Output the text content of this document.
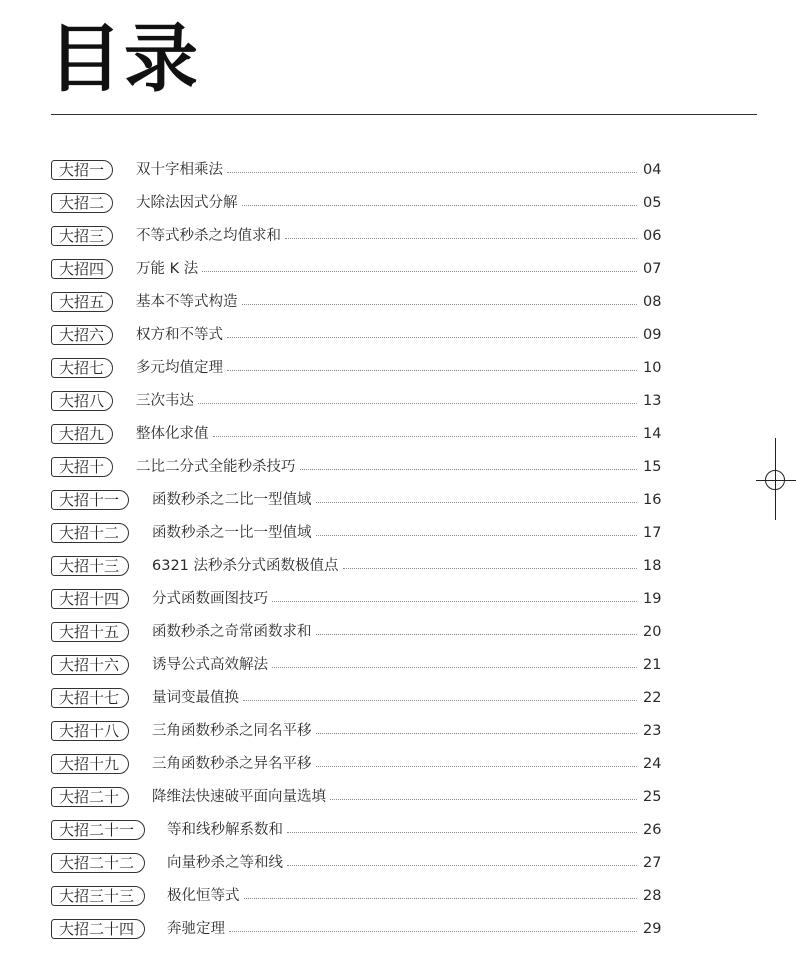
目录
大招一	双十字相乘法	04
大招二	大除法因式分解	05
大招三	不等式秒杀之均值求和	06
大招四	万能 K 法	07
大招五	基本不等式构造	08
大招六	权方和不等式	09
大招七	多元均值定理	10
大招八	三次韦达	13
大招九	整体化求值	14
大招十	二比二分式全能秒杀技巧	15
大招十一	函数秒杀之二比一型值域	16
大招十二	函数秒杀之一比一型值域	17
大招十三	6321 法秒杀分式函数极值点	18
大招十四	分式函数画图技巧	19
大招十五	函数秒杀之奇常函数求和	20
大招十六	诱导公式高效解法	21
大招十七	量词变最值换	22
大招十八	三角函数秒杀之同名平移	23
大招十九	三角函数秒杀之异名平移	24
大招二十	降维法快速破平面向量选填	25
大招二十一	等和线秒解系数和	26
大招二十二	向量秒杀之等和线	27
大招三十三	极化恒等式	28
大招二十四	奔驰定理	29
